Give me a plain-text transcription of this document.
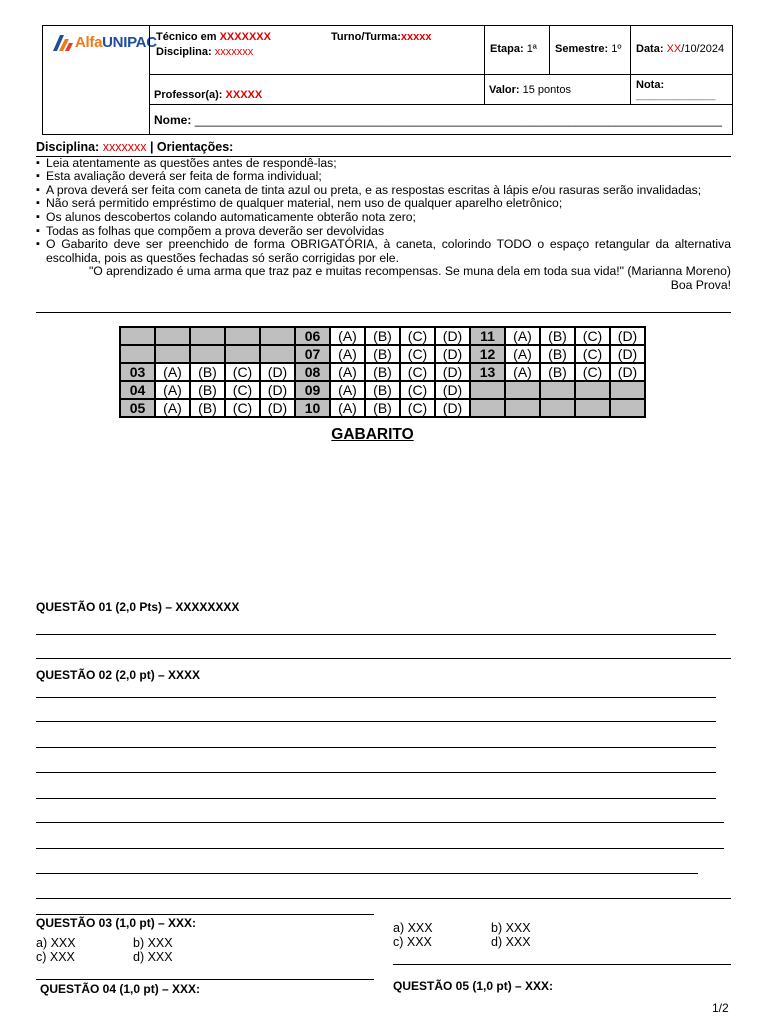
AlfaUNIPAC Técnico em XXXXXXX	Turno/Turma:xxxxx
Disciplina: xxxxxxx	Etapa: 1ª Semestre: 1º Data: XX/10/2024
Professor(a): XXXXX	Valor: 15 pontos	Nota:
_____________
Nome: _______________________________________________________________________________
Disciplina: xxxxxxx | Orientações:
▪ Leia atentamente as questões antes de respondê-las;
▪ Esta avaliação deverá ser feita de forma individual;
▪ A prova deverá ser feita com caneta de tinta azul ou preta, e as respostas escritas à lápis e/ou rasuras serão invalidadas;
▪ Não será permitido empréstimo de qualquer material, nem uso de qualquer aparelho eletrônico;
▪ Os alunos descobertos colando automaticamente obterão nota zero;
▪ Todas as folhas que compõem a prova deverão ser devolvidas
▪ O Gabarito deve ser preenchido de forma OBRIGATÓRIA, à caneta, colorindo TODO o espaço retangular da alternativa escolhida, pois as questões fechadas só serão corrigidas por ele.
"O aprendizado é uma arma que traz paz e muitas recompensas. Se muna dela em toda sua vida!" (Marianna Moreno)
Boa Prova!
					06	(A)	(B)	(C)	(D)	11	(A)	(B)	(C)	(D)
					07	(A)	(B)	(C)	(D)	12	(A)	(B)	(C)	(D)
03	(A)	(B)	(C)	(D)	08	(A)	(B)	(C)	(D)	13	(A)	(B)	(C)	(D)
04	(A)	(B)	(C)	(D)	09	(A)	(B)	(C)	(D)					
05	(A)	(B)	(C)	(D)	10	(A)	(B)	(C)	(D)					
GABARITO
QUESTÃO 01 (2,0 Pts) – XXXXXXXX
QUESTÃO 02 (2,0 pt) – XXXX
QUESTÃO 03 (1,0 pt) – XXX:
a) XXX	b) XXX
c) XXX	d) XXX
a) XXX	b) XXX
c) XXX	d) XXX
QUESTÃO 04 (1,0 pt) – XXX:	QUESTÃO 05 (1,0 pt) – XXX:
1/2
